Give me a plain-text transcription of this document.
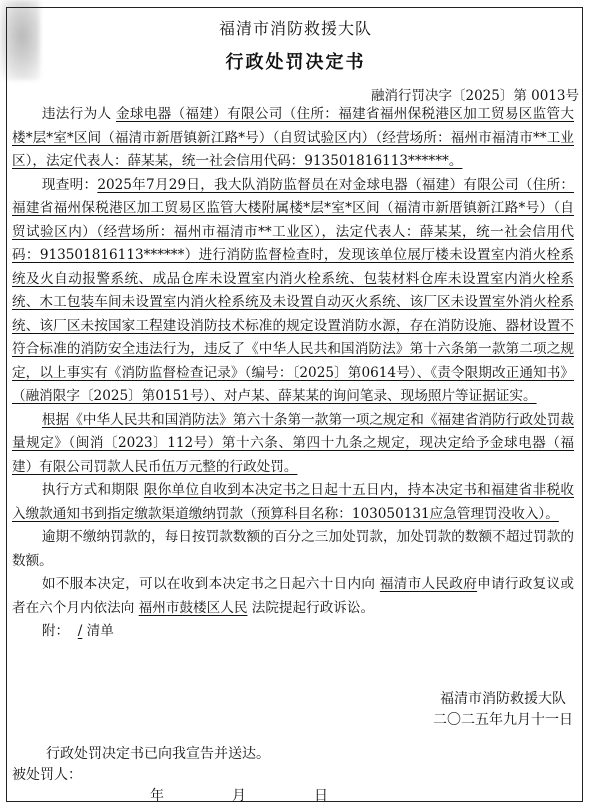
福清市消防救援大队
行政处罚决定书
融消行罚决字〔2025〕第 0013号

违法行为人 金球电器（福建）有限公司（住所：福建省福州保税港区加工贸易区监管大楼*层*室*区间（福清市新厝镇新江路*号）（自贸试验区内）（经营场所：福州市福清市**工业区），法定代表人：薛某某，统一社会信用代码：913501816113******。

现查明：2025年7月29日，我大队消防监督员在对金球电器（福建）有限公司（住所：福建省福州保税港区加工贸易区监管大楼附属楼*层*室*区间（福清市新厝镇新江路*号）（自贸试验区内）（经营场所：福州市福清市**工业区），法定代表人：薛某某，统一社会信用代码：913501816113******）进行消防监督检查时，发现该单位展厅楼未设置室内消火栓系统及火自动报警系统、成品仓库未设置室内消火栓系统、包装材料仓库未设置室内消火栓系统、木工包装车间未设置室内消火栓系统及未设置自动灭火系统、该厂区未设置室外消火栓系统、该厂区未按国家工程建设消防技术标准的规定设置消防水源，存在消防设施、器材设置不符合标准的消防安全违法行为，违反了《中华人民共和国消防法》第十六条第一款第二项之规定，以上事实有《消防监督检查记录》（编号：〔2025〕第0614号）、《责令限期改正通知书》（融消限字〔2025〕第0151号）、对卢某、薛某某的询问笔录、现场照片等证据证实。

根据《中华人民共和国消防法》第六十条第一款第一项之规定和《福建省消防行政处罚裁量规定》（闽消〔2023〕112号）第十六条、第四十九条之规定，现决定给予金球电器（福建）有限公司罚款人民币伍万元整的行政处罚。

执行方式和期限 限你单位自收到本决定书之日起十五日内，持本决定书和福建省非税收入缴款通知书到指定缴款渠道缴纳罚款（预算科目名称：103050131应急管理罚没收入）。

逾期不缴纳罚款的，每日按罚款数额的百分之三加处罚款，加处罚款的数额不超过罚款的数额。

如不服本决定，可以在收到本决定书之日起六十日内向 福清市人民政府申请行政复议或者在六个月内依法向 福州市鼓楼区人民 法院提起行政诉讼。

附： / 清单

福清市消防救援大队
二〇二五年九月十一日
行政处罚决定书已向我宣告并送达。
被处罚人：
年	月	日
